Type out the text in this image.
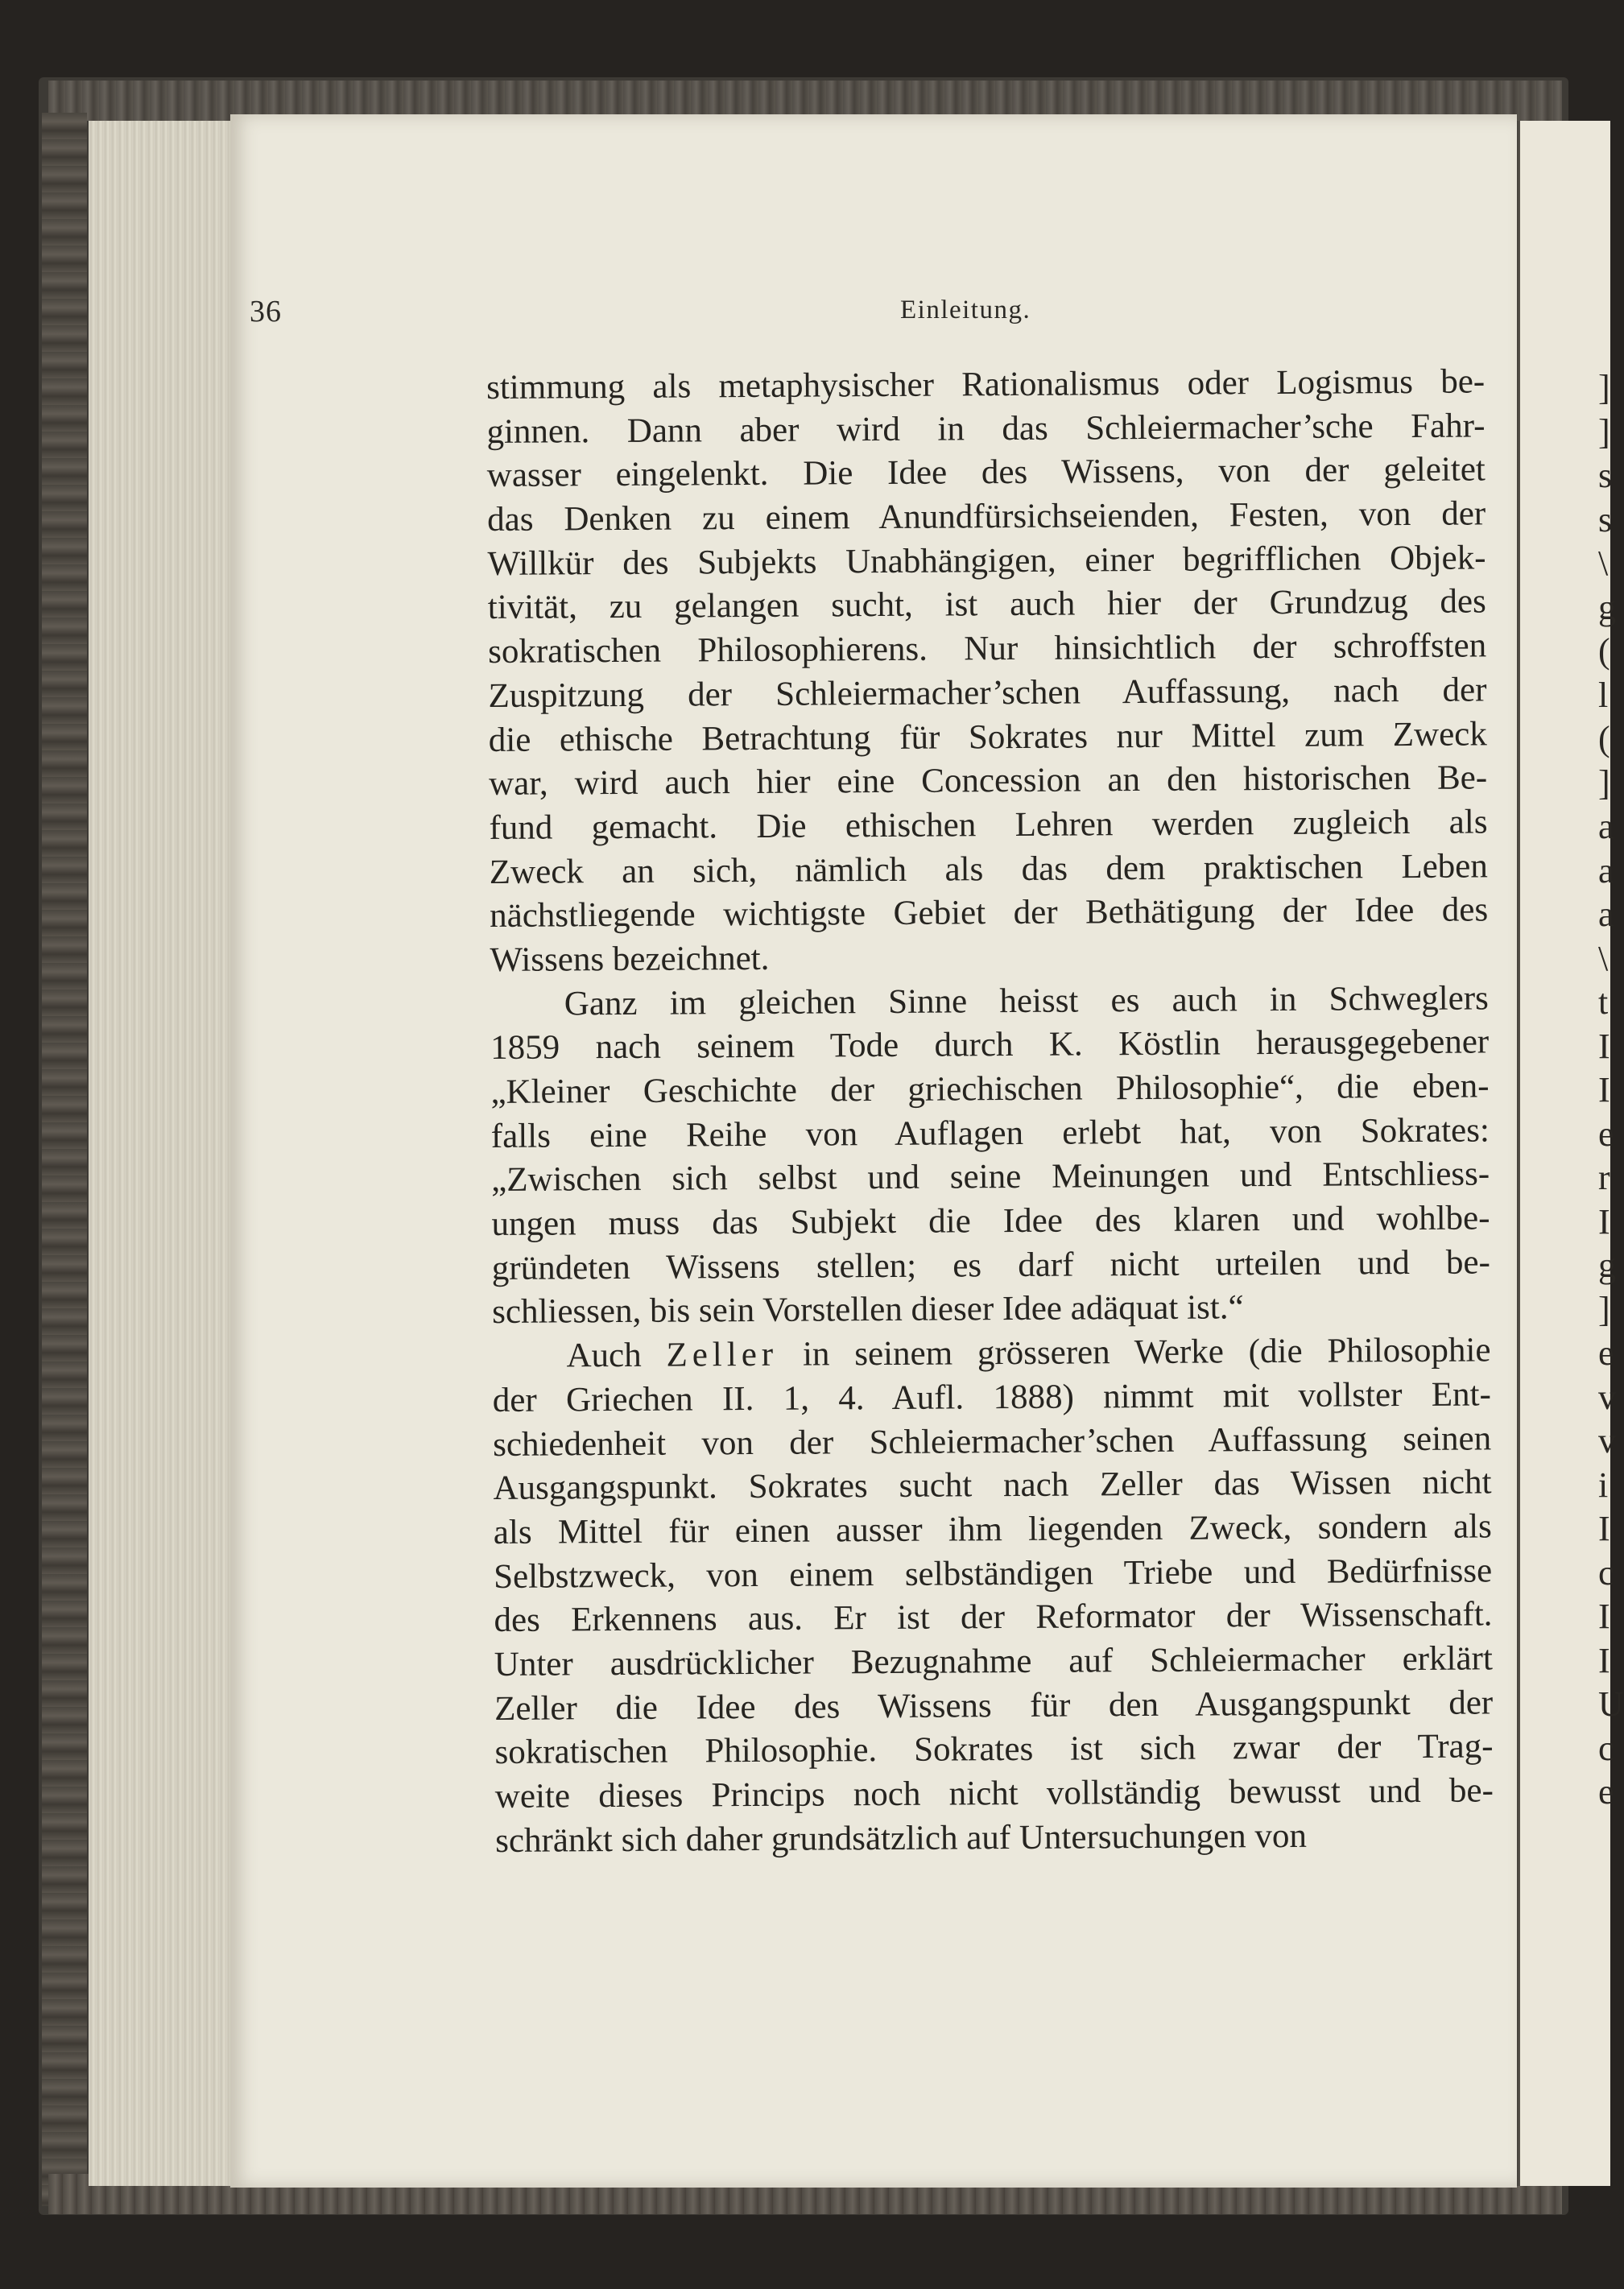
]
]
s
s
\
g
(
l
(
]
a
a
a
\
t
I
I
e
r
I
g
]
e
v
v
i
I
c
I
I
U
c
e
36	Einleitung.
stimmung als metaphysischer Rationalismus oder Logismus be-
ginnen. Dann aber wird in das Schleiermacher’sche Fahr-
wasser eingelenkt. Die Idee des Wissens, von der geleitet
das Denken zu einem Anundfürsichseienden, Festen, von der
Willkür des Subjekts Unabhängigen, einer begrifflichen Objek-
tivität, zu gelangen sucht, ist auch hier der Grundzug des
sokratischen Philosophierens. Nur hinsichtlich der schroffsten
Zuspitzung der Schleiermacher’schen Auffassung, nach der
die ethische Betrachtung für Sokrates nur Mittel zum Zweck
war, wird auch hier eine Concession an den historischen Be-
fund gemacht. Die ethischen Lehren werden zugleich als
Zweck an sich, nämlich als das dem praktischen Leben
nächstliegende wichtigste Gebiet der Bethätigung der Idee des
Wissens bezeichnet.
Ganz im gleichen Sinne heisst es auch in Schweglers
1859 nach seinem Tode durch K. Köstlin herausgegebener
„Kleiner Geschichte der griechischen Philosophie“, die eben-
falls eine Reihe von Auflagen erlebt hat, von Sokrates:
„Zwischen sich selbst und seine Meinungen und Entschliess-
ungen muss das Subjekt die Idee des klaren und wohlbe-
gründeten Wissens stellen; es darf nicht urteilen und be-
schliessen, bis sein Vorstellen dieser Idee adäquat ist.“
Auch Zeller in seinem grösseren Werke (die Philosophie
der Griechen II. 1, 4. Aufl. 1888) nimmt mit vollster Ent-
schiedenheit von der Schleiermacher’schen Auffassung seinen
Ausgangspunkt. Sokrates sucht nach Zeller das Wissen nicht
als Mittel für einen ausser ihm liegenden Zweck, sondern als
Selbstzweck, von einem selbständigen Triebe und Bedürfnisse
des Erkennens aus. Er ist der Reformator der Wissenschaft.
Unter ausdrücklicher Bezugnahme auf Schleiermacher erklärt
Zeller die Idee des Wissens für den Ausgangspunkt der
sokratischen Philosophie. Sokrates ist sich zwar der Trag-
weite dieses Princips noch nicht vollständig bewusst und be-
schränkt sich daher grundsätzlich auf Untersuchungen von
